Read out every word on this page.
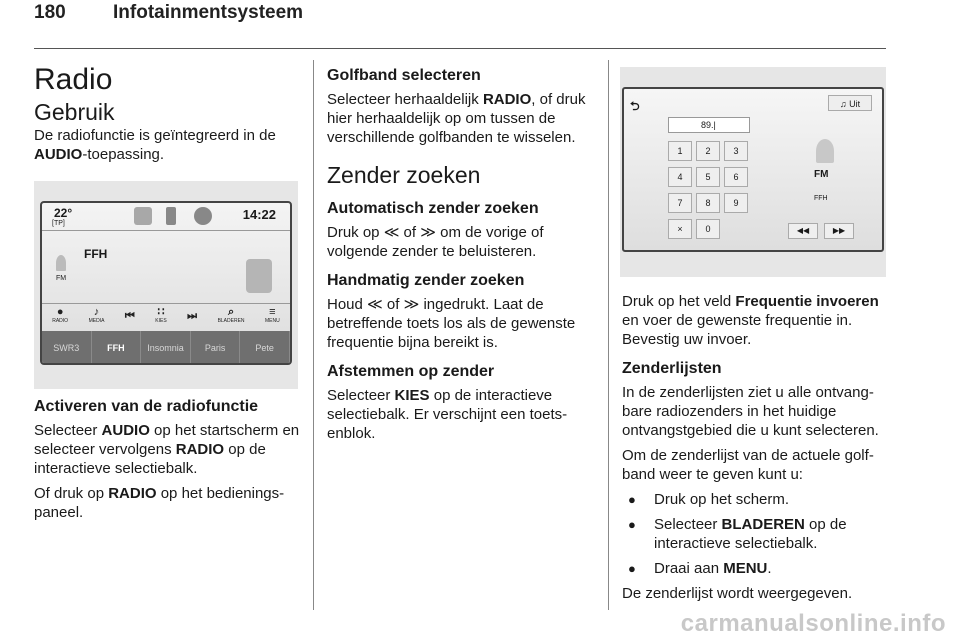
180 Infotainmentsysteem
Radio
Gebruik

De radiofunctie is geïntegreerd in de AUDIO-toepassing.

Activeren van de radiofunctie

Selecteer AUDIO op het startscherm en selecteer vervolgens RADIO op de interactieve selectiebalk.

Of druk op RADIO op het bedieningspaneel.

22°
[TP]
14:22
FFH
FM
●
RADIO
♪
MEDIA ⏮ ∷
KIES ⏭	⌕
BLADEREN
≡
MENU
SWR3	FFH	Insomnia	Paris	Pete
Golfband selecteren

Selecteer herhaaldelijk RADIO, of druk hier herhaaldelijk op om tussen de verschillende golfbanden te wisselen.

Zender zoeken
Automatisch zender zoeken

Druk op ≪ of ≫ om de vorige of volgende zender te beluisteren.

Handmatig zender zoeken

Houd ≪ of ≫ ingedrukt. Laat de betreffende toets los als de gewenste frequentie bijna bereikt is.

Afstemmen op zender

Selecteer KIES op de interactieve selectiebalk. Er verschijnt een toetsenblok.

⮌	♫ Uit
89.|
1	2	3
4	5	6
7	8	9
×	0
FM
FFH
◀◀	▶▶

Druk op het veld Frequentie invoeren en voer de gewenste frequentie in. Bevestig uw invoer.

Zenderlijsten

In de zenderlijsten ziet u alle ontvangbare radiozenders in het huidige ontvangstgebied die u kunt selecteren.

Om de zenderlijst van de actuele golfband weer te geven kunt u:

● Druk op het scherm.
● Selecteer BLADEREN op de interactieve selectiebalk.
● Draai aan MENU.

De zenderlijst wordt weergegeven.

carmanualsonline.info
